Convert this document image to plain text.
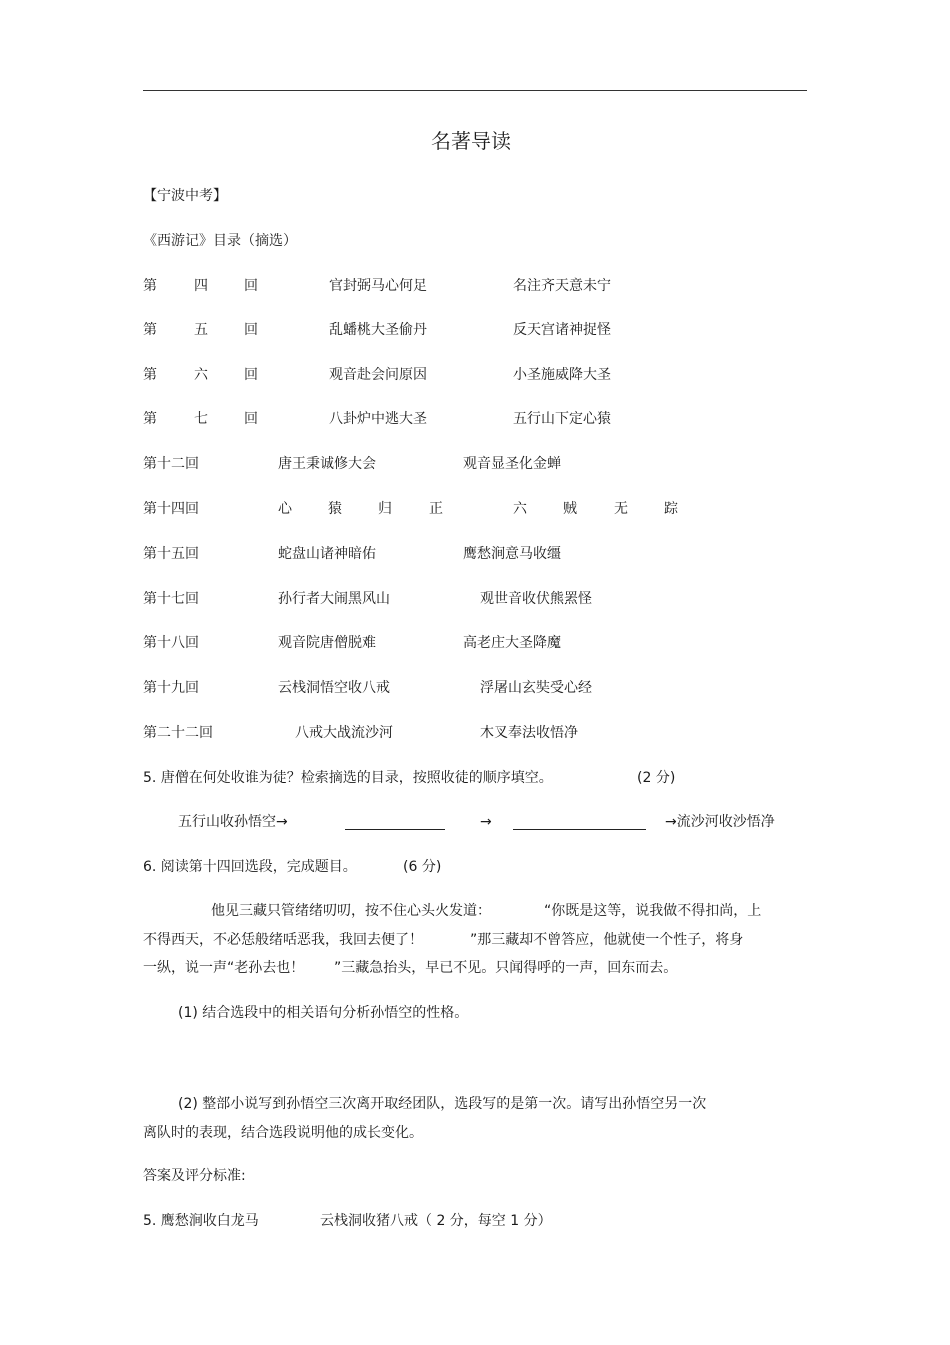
名著导读
【宁波中考】
《西游记》目录（摘选）
第	四	回	官封弼马心何足	名注齐天意未宁
第	五	回	乱蟠桃大圣偷丹	反天宫诸神捉怪
第	六	回	观音赴会问原因	小圣施威降大圣
第	七	回	八卦炉中逃大圣	五行山下定心猿
第十二回	唐王秉诚修大会	观音显圣化金蝉
第十四回	心	猿	归	正	六	贼	无	踪
第十五回	蛇盘山诸神暗佑	鹰愁涧意马收缰
第十七回	孙行者大闹黑风山	观世音收伏熊罴怪
第十八回	观音院唐僧脱难	高老庄大圣降魔
第十九回	云栈洞悟空收八戒	浮屠山玄奘受心经
第二十二回	八戒大战流沙河	木叉奉法收悟净
5. 唐僧在何处收谁为徒？检索摘选的目录，按照收徒的顺序填空。	(2 分)
五行山收孙悟空→	→	→流沙河收沙悟净
6. 阅读第十四回选段，完成题目。	(6 分)
他见三藏只管绪绪叨叨，按不住心头火发道：	“你既是这等，说我做不得扣尚，上
不得西天，不必恁般绪咶恶我，我回去便了！	”那三藏却不曾答应，他就使一个性子，将身
一纵，说一声“老孙去也！ ”三藏急抬头，早已不见。只闻得呼的一声，回东而去。
(1) 结合选段中的相关语句分析孙悟空的性格。
(2) 整部小说写到孙悟空三次离开取经团队，选段写的是第一次。请写出孙悟空另一次
离队时的表现，结合选段说明他的成长变化。
答案及评分标准:
5. 鹰愁涧收白龙马	云栈洞收猪八戒（ 2 分，每空 1 分）
